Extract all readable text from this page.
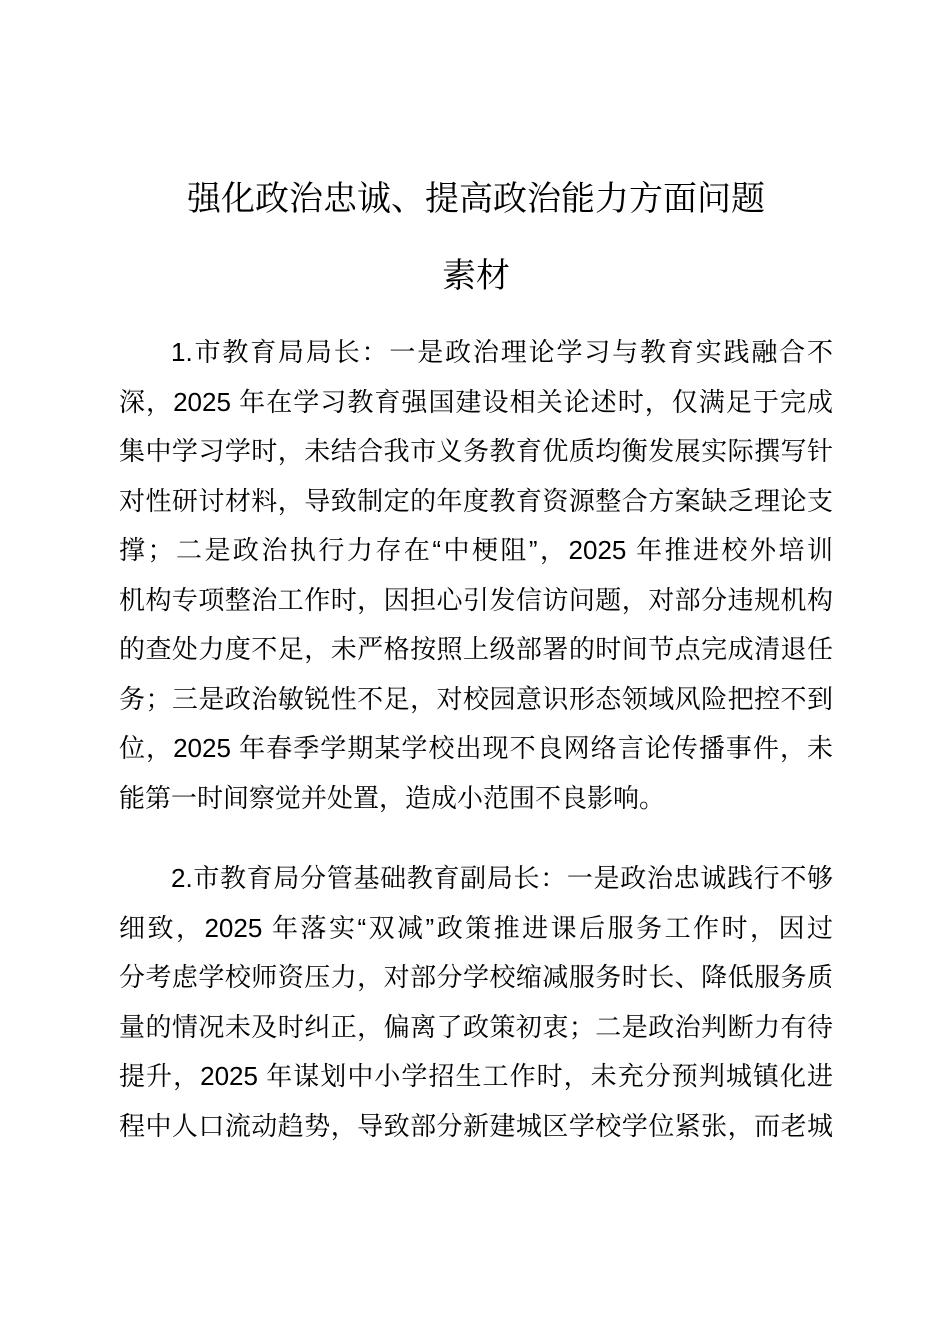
强化政治忠诚、提高政治能力方面问题
素材

1.市教育局局长：一是政治理论学习与教育实践融合不
深，2025 年在学习教育强国建设相关论述时，仅满足于完成
集中学习学时，未结合我市义务教育优质均衡发展实际撰写针
对性研讨材料，导致制定的年度教育资源整合方案缺乏理论支
撑；二是政治执行力存在“中梗阻”，2025 年推进校外培训
机构专项整治工作时，因担心引发信访问题，对部分违规机构
的查处力度不足，未严格按照上级部署的时间节点完成清退任
务；三是政治敏锐性不足，对校园意识形态领域风险把控不到
位，2025 年春季学期某学校出现不良网络言论传播事件，未
能第一时间察觉并处置，造成小范围不良影响。

2.市教育局分管基础教育副局长：一是政治忠诚践行不够
细致，2025 年落实“双减”政策推进课后服务工作时，因过
分考虑学校师资压力，对部分学校缩减服务时长、降低服务质
量的情况未及时纠正，偏离了政策初衷；二是政治判断力有待
提升，2025 年谋划中小学招生工作时，未充分预判城镇化进
程中人口流动趋势，导致部分新建城区学校学位紧张，而老城
